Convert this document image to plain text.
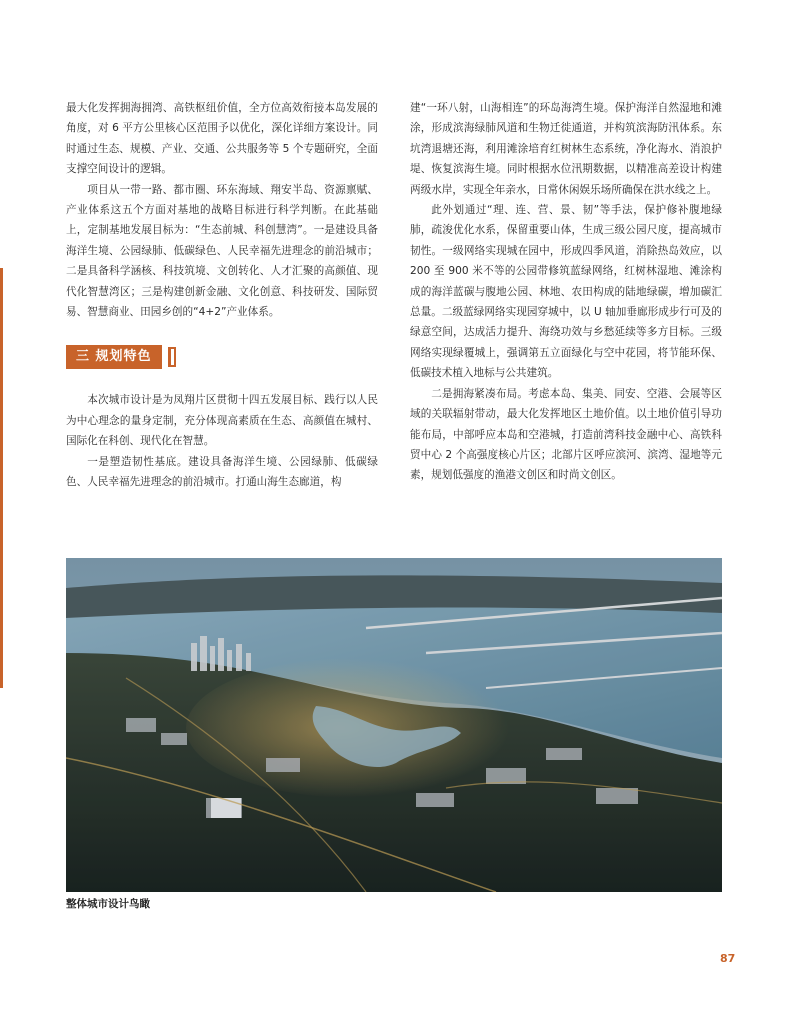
最大化发挥拥海拥湾、高铁枢纽价值，全方位高效衔接本岛发展的角度，对 6 平方公里核心区范围予以优化，深化详细方案设计。同时通过生态、规模、产业、交通、公共服务等 5 个专题研究，全面支撑空间设计的逻辑。

项目从一带一路、都市圈、环东海域、翔安半岛、资源禀赋、产业体系这五个方面对基地的战略目标进行科学判断。在此基础上，定制基地发展目标为：“生态前城、科创慧湾”。一是建设具备海洋生境、公园绿肺、低碳绿色、人民幸福先进理念的前沿城市；二是具备科学涵核、科技筑境、文创转化、人才汇聚的高颜值、现代化智慧湾区；三是构建创新金融、文化创意、科技研发、国际贸易、智慧商业、田园乡创的“4+2”产业体系。

三 规划特色

本次城市设计是为凤翔片区贯彻十四五发展目标、践行以人民为中心理念的量身定制，充分体现高素质在生态、高颜值在城村、国际化在科创、现代化在智慧。

一是塑造韧性基底。建设具备海洋生境、公园绿肺、低碳绿色、人民幸福先进理念的前沿城市。打通山海生态廊道，构

建“一环八射，山海相连”的环岛海湾生境。保护海洋自然湿地和滩涂，形成滨海绿肺风道和生物迁徙通道，并构筑滨海防汛体系。东坑湾退塘还海，利用滩涂培育红树林生态系统，净化海水、消浪护堤、恢复滨海生境。同时根据水位汛期数据，以精准高差设计构建两级水岸，实现全年亲水，日常休闲娱乐场所确保在洪水线之上。

此外划通过“理、连、营、景、韧”等手法，保护修补腹地绿肺，疏浚优化水系，保留重要山体，生成三级公园尺度，提高城市韧性。一级网络实现城在园中，形成四季风道，消除热岛效应，以 200 至 900 米不等的公园带修筑蓝绿网络，红树林湿地、滩涂构成的海洋蓝碳与腹地公园、林地、农田构成的陆地绿碳，增加碳汇总量。二级蓝绿网络实现园穿城中，以 U 轴加垂廊形成步行可及的绿意空间，达成活力提升、海绕功效与乡愁延续等多方目标。三级网络实现绿覆城上，强调第五立面绿化与空中花园，将节能环保、低碳技术植入地标与公共建筑。

二是拥海紧凑布局。考虑本岛、集美、同安、空港、会展等区域的关联辐射带动，最大化发挥地区土地价值。以土地价值引导功能布局，中部呼应本岛和空港城，打造前湾科技金融中心、高铁科贸中心 2 个高强度核心片区；北部片区呼应滨河、滨湾、湿地等元素，规划低强度的渔港文创区和时尚文创区。

整体城市设计鸟瞰
87
